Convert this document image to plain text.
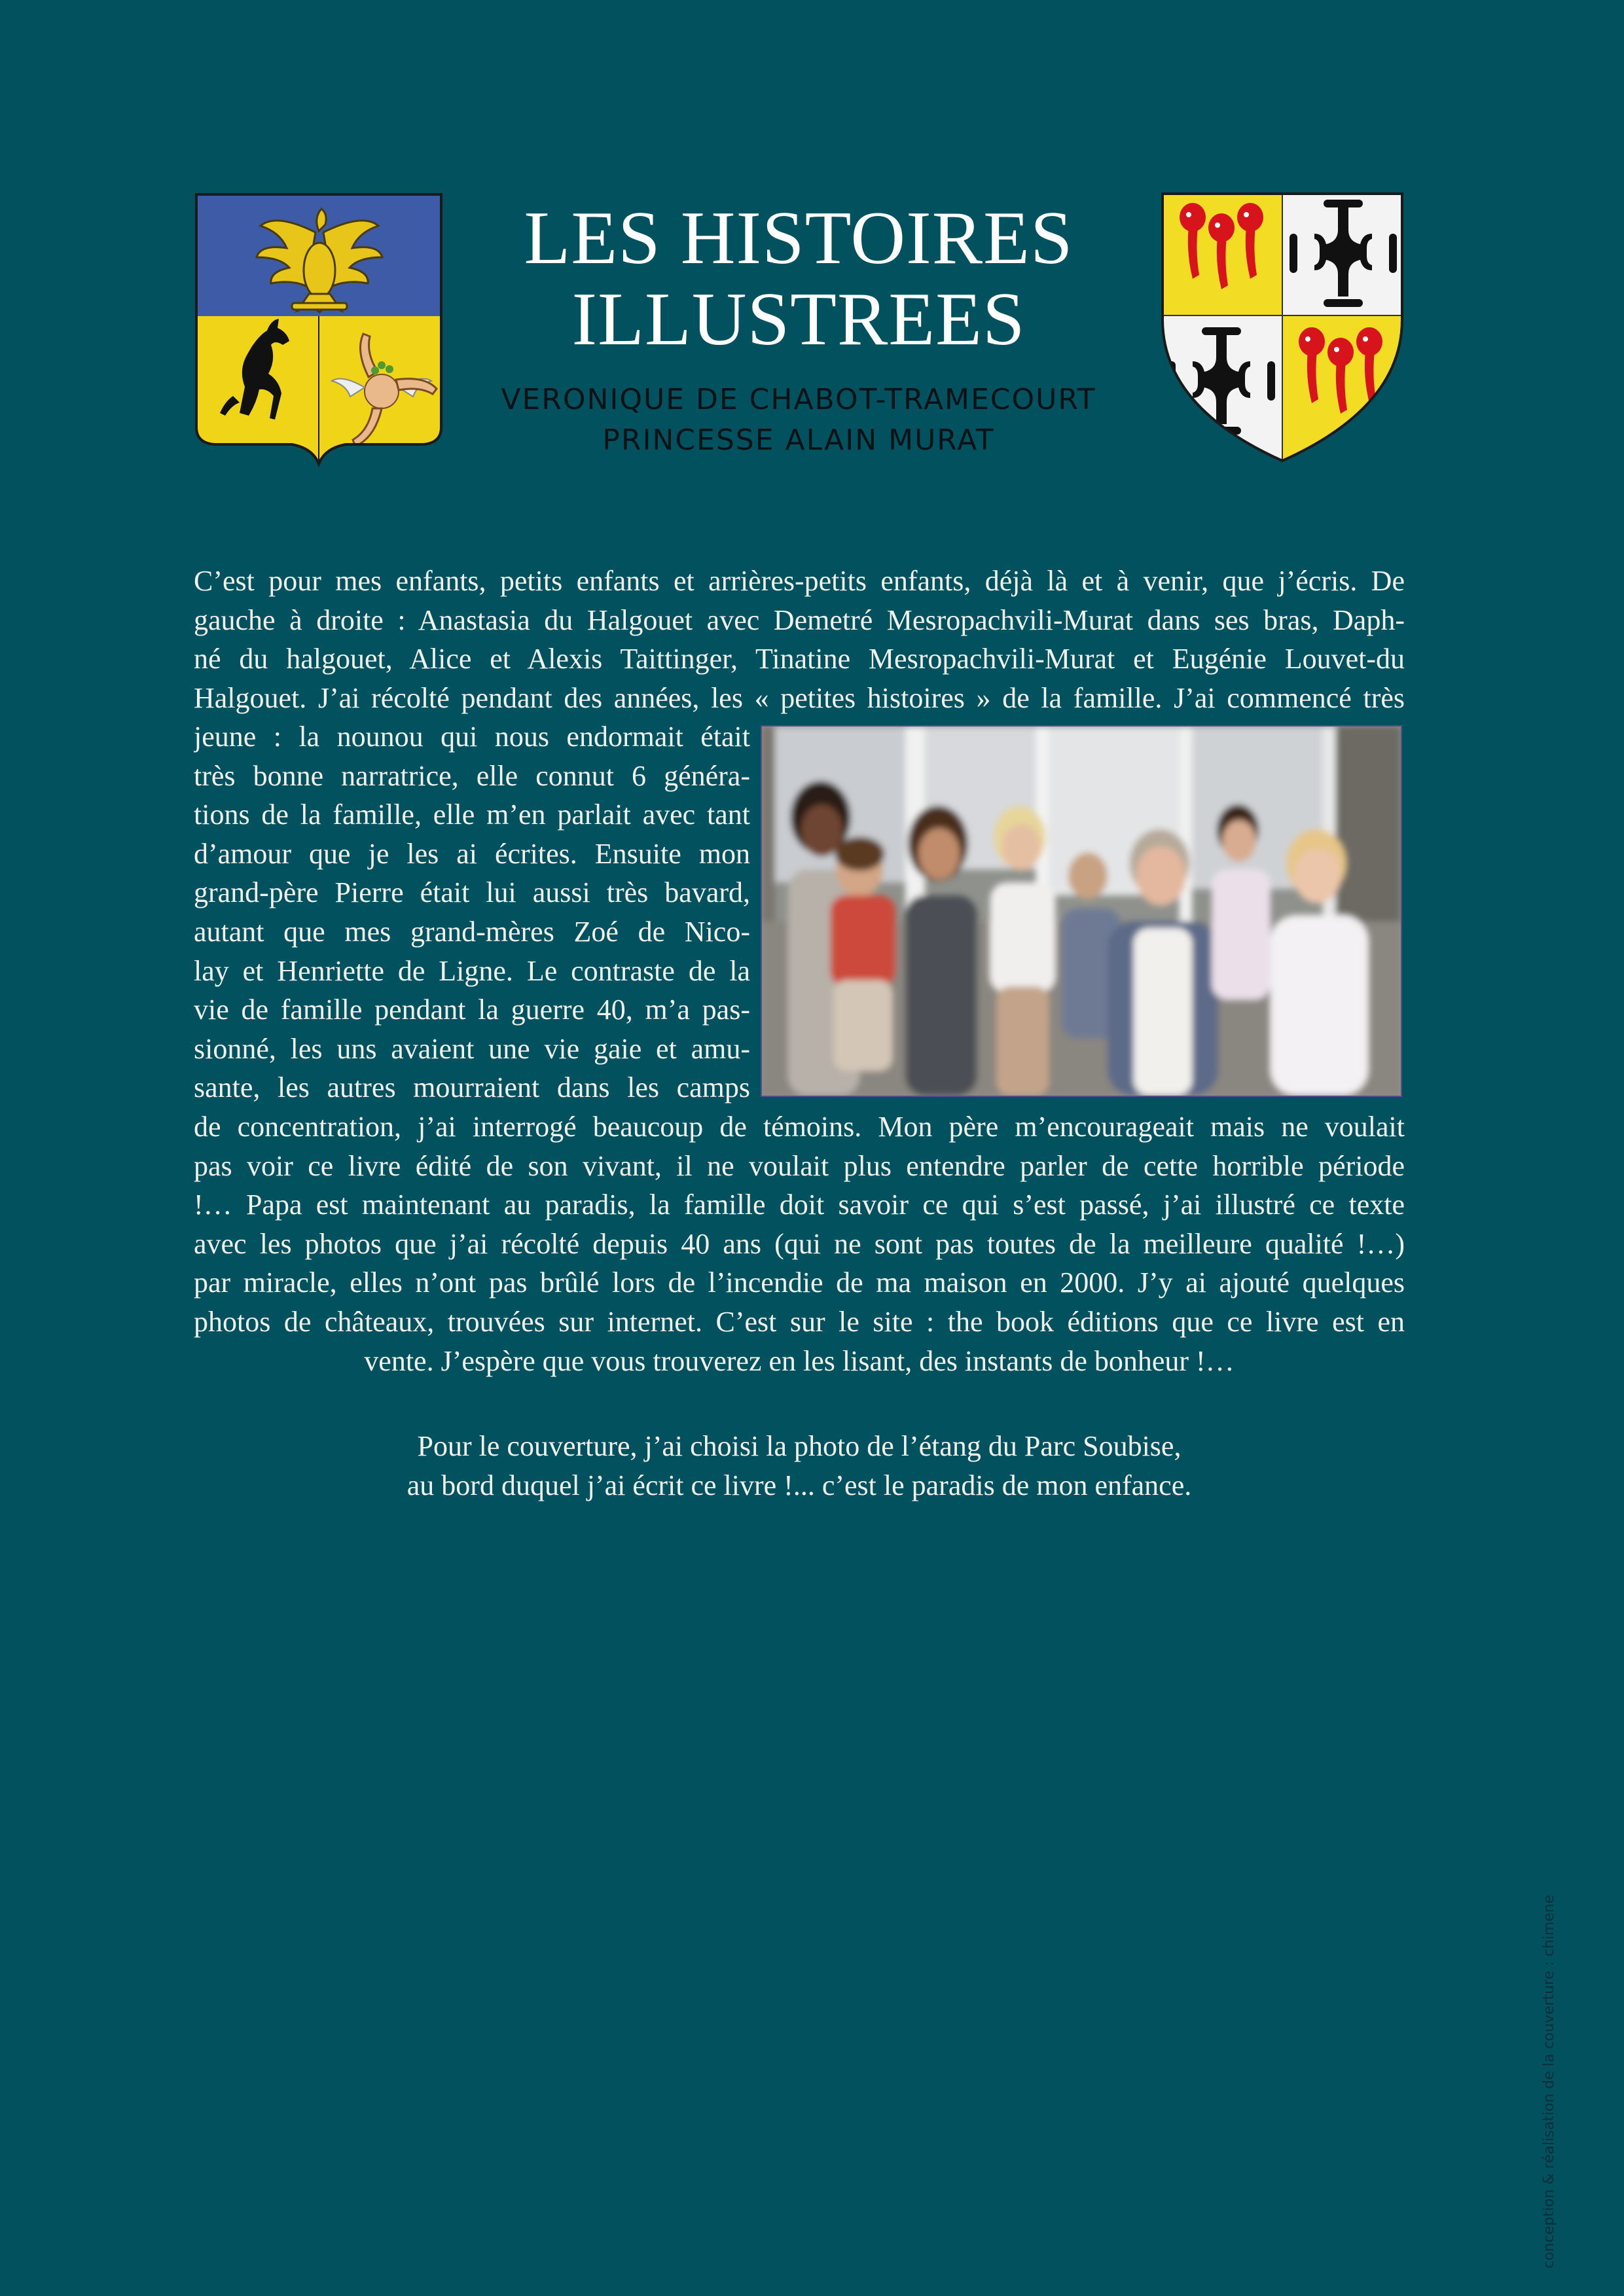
LES HISTOIRES
ILLUSTREES
VERONIQUE DE CHABOT-TRAMECOURT
PRINCESSE ALAIN MURAT
C’est pour mes enfants, petits enfants et arrières-petits enfants, déjà là et à venir, que j’écris. De
gauche à droite : Anastasia du Halgouet avec Demetré Mesropachvili-Murat dans ses bras, Daph-
né du halgouet, Alice et Alexis Taittinger, Tinatine Mesropachvili-Murat et Eugénie Louvet-du
Halgouet. J’ai récolté pendant des années, les « petites histoires » de la famille. J’ai commencé très
jeune : la nounou qui nous endormait était
très bonne narratrice, elle connut 6 généra-
tions de la famille, elle m’en parlait avec tant
d’amour que je les ai écrites. Ensuite mon
grand-père Pierre était lui aussi très bavard,
autant que mes grand-mères Zoé de Nico-
lay et Henriette de Ligne. Le contraste de la
vie de famille pendant la guerre 40, m’a pas-
sionné, les uns avaient une vie gaie et amu-
sante, les autres mourraient dans les camps
de concentration, j’ai interrogé beaucoup de témoins. Mon père m’encourageait mais ne voulait
pas voir ce livre édité de son vivant, il ne voulait plus entendre parler de cette horrible période
!… Papa est maintenant au paradis, la famille doit savoir ce qui s’est passé, j’ai illustré ce texte
avec les photos que j’ai récolté depuis 40 ans (qui ne sont pas toutes de la meilleure qualité !…)
par miracle, elles n’ont pas brûlé lors de l’incendie de ma maison en 2000. J’y ai ajouté quelques
photos de châteaux, trouvées sur internet. C’est sur le site : the book éditions que ce livre est en
vente. J’espère que vous trouverez en les lisant, des instants de bonheur !…
Pour le couverture, j’ai choisi la photo de l’étang du Parc Soubise,
au bord duquel j’ai écrit ce livre !... c’est le paradis de mon enfance.
conception & réalisation de la couverture : chimene
